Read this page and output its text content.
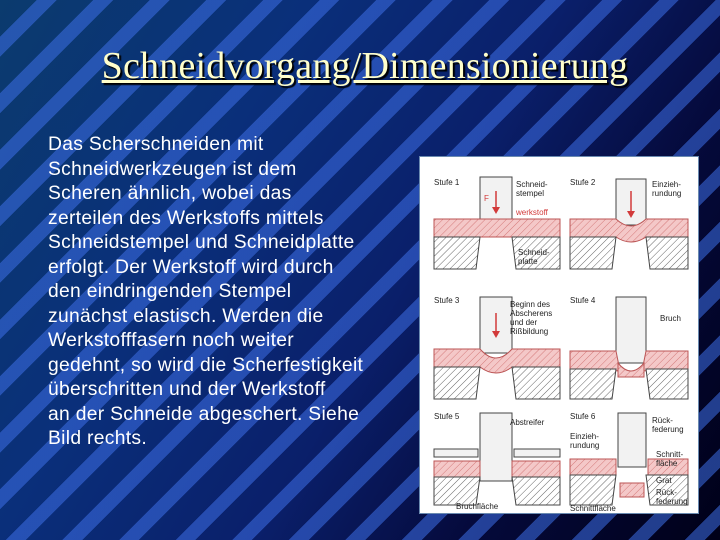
Schneidvorgang/Dimensionierung
Das Scherschneiden mit
Schneidwerkzeugen ist dem
Scheren ähnlich, wobei das
zerteilen des Werkstoffs mittels
Schneidstempel und Schneidplatte
erfolgt. Der Werkstoff wird durch
den eindringenden Stempel
zunächst elastisch. Werden die
Werkstofffasern noch weiter
gedehnt, so wird die Scherfestigkeit
überschritten und der Werkstoff
an der Schneide abgeschert. Siehe
Bild rechts.
Stufe 1
F
Schneid-
stempel
werkstoff
Schneid-
platte
Stufe 2	Einzieh-
rundung
Stufe 3	Beginn des
Abscherens
und der
Rißbildung
Stufe 4
Bruch
Stufe 5
Abstreifer
Bruchfläche
Stufe 6
Einzieh-
rundung
Rück-
federung
Schnitt-
fläche
Grat
Rück-
federung
Schnittfläche
